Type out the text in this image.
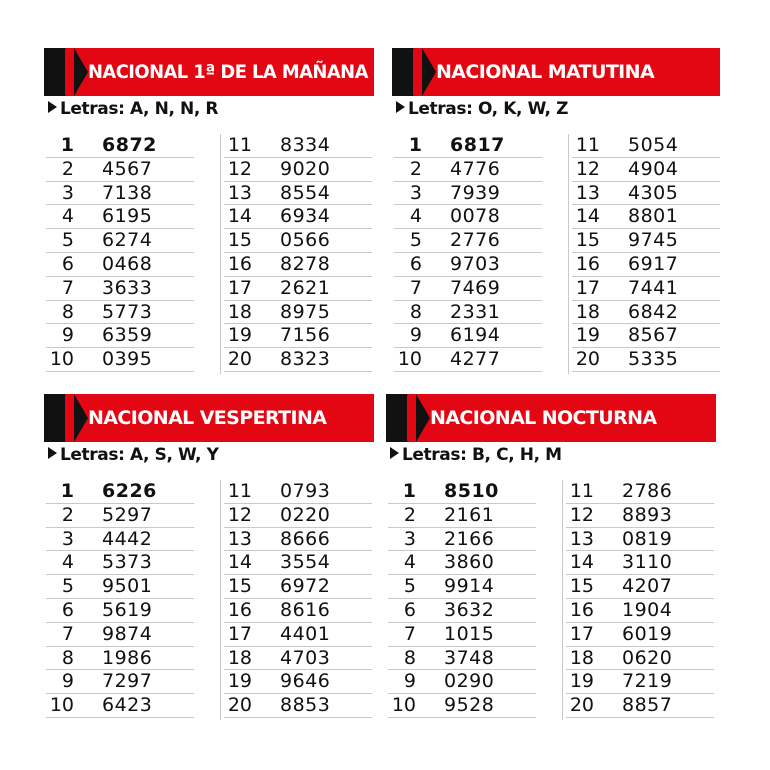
NACIONAL 1ª DE LA MAÑANA
Letras: A, N, N, R
1 6872
2 4567
3 7138
4 6195
5 6274
6 0468
7 3633
8 5773
9 6359
10 0395
11 8334
12 9020
13 8554
14 6934
15 0566
16 8278
17 2621
18 8975
19 7156
20 8323
NACIONAL MATUTINA
Letras: O, K, W, Z
1 6817
2 4776
3 7939
4 0078
5 2776
6 9703
7 7469
8 2331
9 6194
10 4277
11 5054
12 4904
13 4305
14 8801
15 9745
16 6917
17 7441
18 6842
19 8567
20 5335
NACIONAL VESPERTINA
Letras: A, S, W, Y
1 6226
2 5297
3 4442
4 5373
5 9501
6 5619
7 9874
8 1986
9 7297
10 6423
11 0793
12 0220
13 8666
14 3554
15 6972
16 8616
17 4401
18 4703
19 9646
20 8853
NACIONAL NOCTURNA
Letras: B, C, H, M
1 8510
2 2161
3 2166
4 3860
5 9914
6 3632
7 1015
8 3748
9 0290
10 9528
11 2786
12 8893
13 0819
14 3110
15 4207
16 1904
17 6019
18 0620
19 7219
20 8857
